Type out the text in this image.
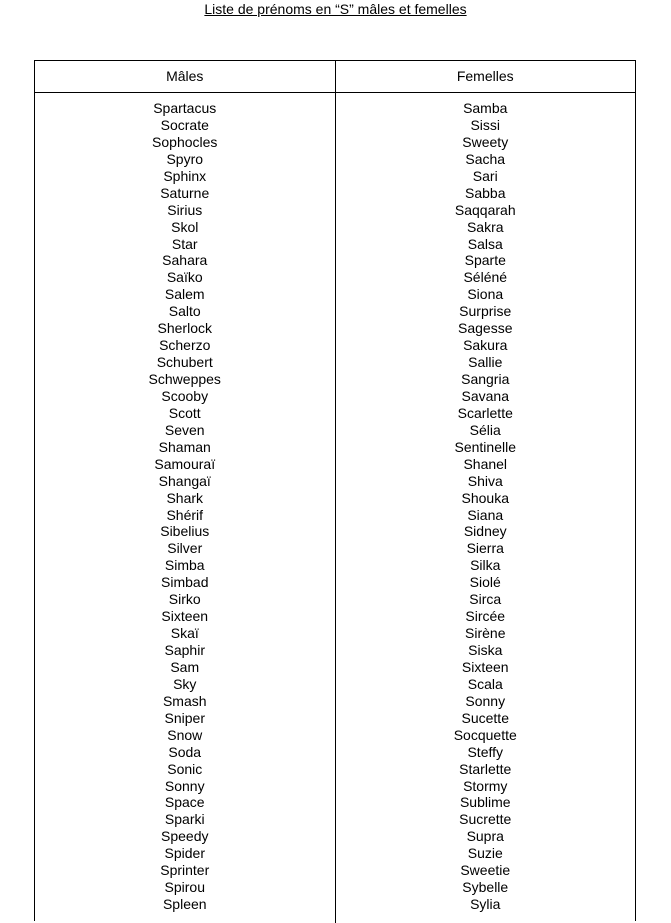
Liste de prénoms en “S” mâles et femelles
Mâles	Femelles
Spartacus
Socrate
Sophocles
Spyro
Sphinx
Saturne
Sirius
Skol
Star
Sahara
Saïko
Salem
Salto
Sherlock
Scherzo
Schubert
Schweppes
Scooby
Scott
Seven
Shaman
Samouraï
Shangaï
Shark
Shérif
Sibelius
Silver
Simba
Simbad
Sirko
Sixteen
Skaï
Saphir
Sam
Sky
Smash
Sniper
Snow
Soda
Sonic
Sonny
Space
Sparki
Speedy
Spider
Sprinter
Spirou
Spleen
Samba
Sissi
Sweety
Sacha
Sari
Sabba
Saqqarah
Sakra
Salsa
Sparte
Séléné
Siona
Surprise
Sagesse
Sakura
Sallie
Sangria
Savana
Scarlette
Sélia
Sentinelle
Shanel
Shiva
Shouka
Siana
Sidney
Sierra
Silka
Siolé
Sirca
Sircée
Sirène
Siska
Sixteen
Scala
Sonny
Sucette
Socquette
Steffy
Starlette
Stormy
Sublime
Sucrette
Supra
Suzie
Sweetie
Sybelle
Sylia
